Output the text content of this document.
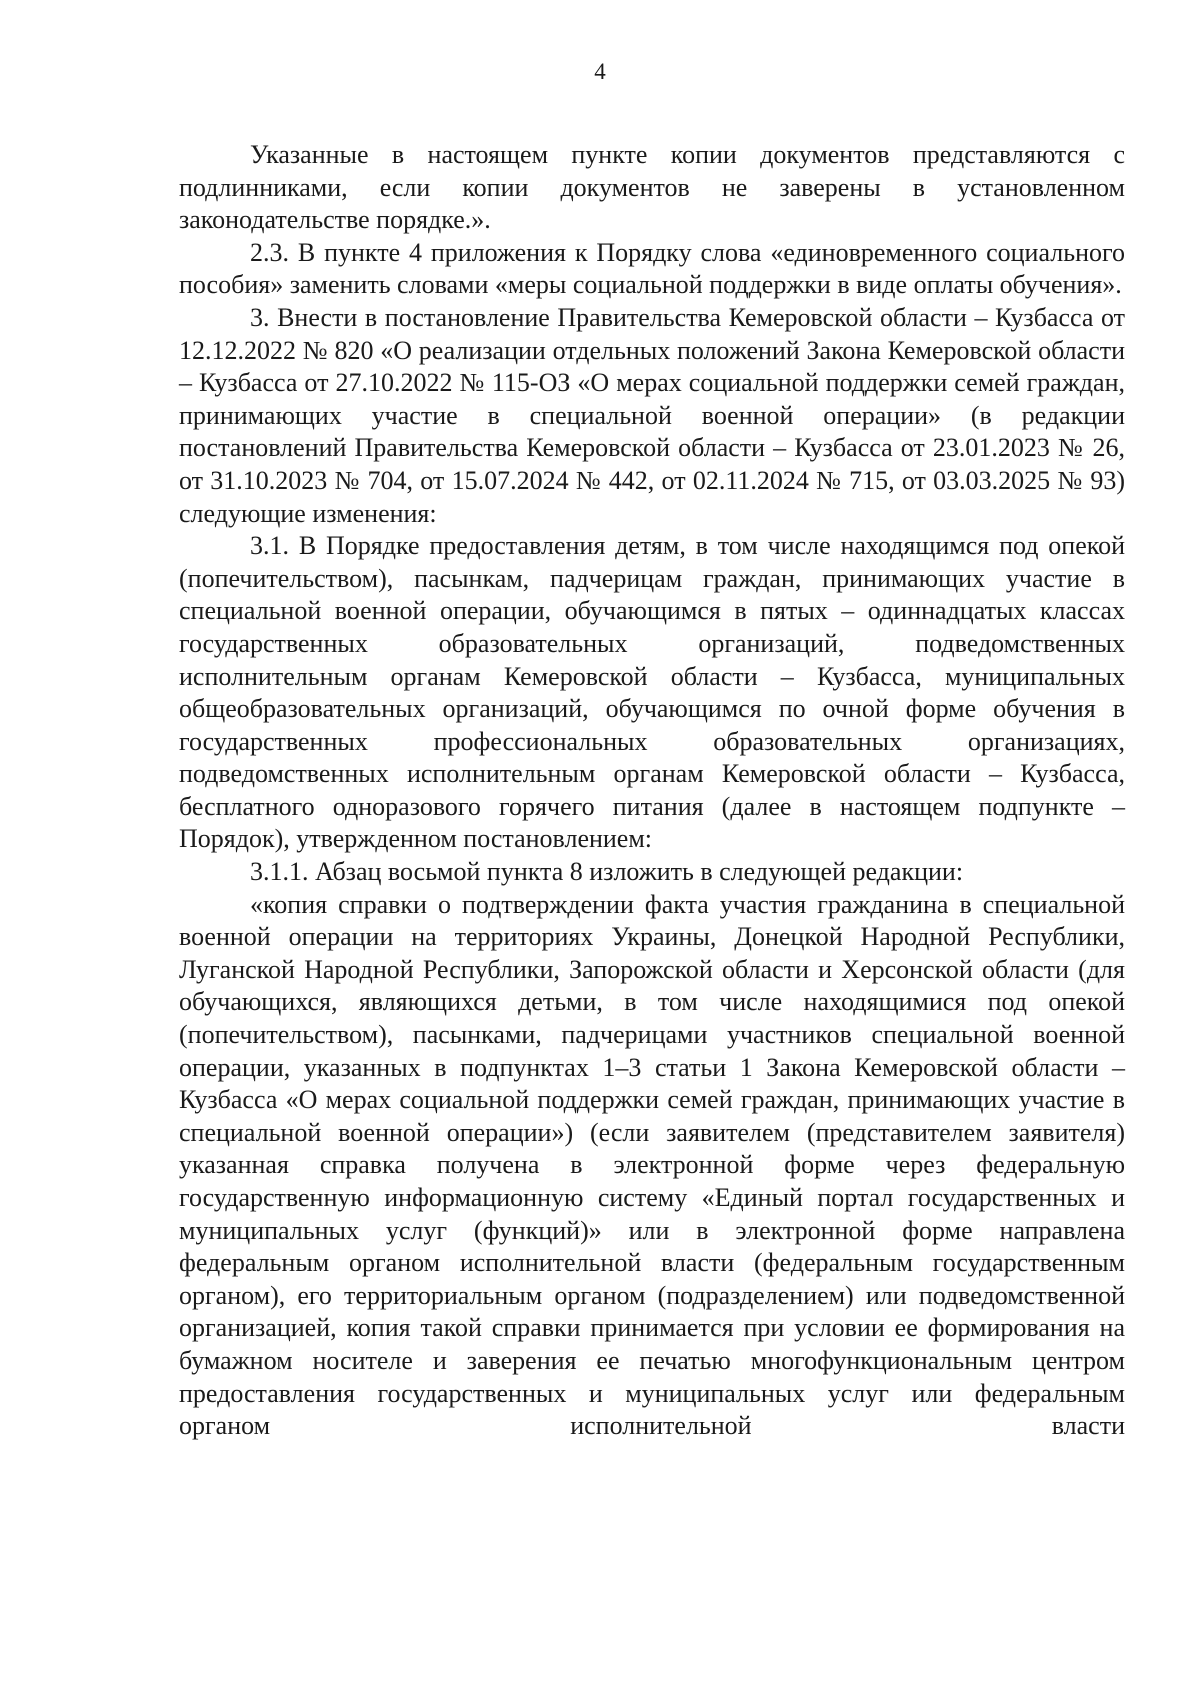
4

Указанные в настоящем пункте копии документов представляются с подлинниками, если копии документов не заверены в установленном законодательстве порядке.».

2.3. В пункте 4 приложения к Порядку слова «единовременного социального пособия» заменить словами «меры социальной поддержки в виде оплаты обучения».

3. Внести в постановление Правительства Кемеровской области – Кузбасса от 12.12.2022 № 820 «О реализации отдельных положений Закона Кемеровской области – Кузбасса от 27.10.2022 № 115-ОЗ «О мерах социальной поддержки семей граждан, принимающих участие в специальной военной операции» (в редакции постановлений Правительства Кемеровской области – Кузбасса от 23.01.2023 № 26, от 31.10.2023 № 704, от 15.07.2024 № 442, от 02.11.2024 № 715, от 03.03.2025 № 93) следующие изменения:

3.1. В Порядке предоставления детям, в том числе находящимся под опекой (попечительством), пасынкам, падчерицам граждан, принимающих участие в специальной военной операции, обучающимся в пятых – одиннадцатых классах государственных образовательных организаций, подведомственных исполнительным органам Кемеровской области – Кузбасса, муниципальных общеобразовательных организаций, обучающимся по очной форме обучения в государственных профессиональных образовательных организациях, подведомственных исполнительным органам Кемеровской области – Кузбасса, бесплатного одноразового горячего питания (далее в настоящем подпункте – Порядок), утвержденном постановлением:

3.1.1. Абзац восьмой пункта 8 изложить в следующей редакции:

«копия справки о подтверждении факта участия гражданина в специальной военной операции на территориях Украины, Донецкой Народной Республики, Луганской Народной Республики, Запорожской области и Херсонской области (для обучающихся, являющихся детьми, в том числе находящимися под опекой (попечительством), пасынками, падчерицами участников специальной военной операции, указанных в подпунктах 1–3 статьи 1 Закона Кемеровской области – Кузбасса «О мерах социальной поддержки семей граждан, принимающих участие в специальной военной операции») (если заявителем (представителем заявителя) указанная справка получена в электронной форме через федеральную государственную информационную систему «Единый портал государственных и муниципальных услуг (функций)» или в электронной форме направлена федеральным органом исполнительной власти (федеральным государственным органом), его территориальным органом (подразделением) или подведомственной организацией, копия такой справки принимается при условии ее формирования на бумажном носителе и заверения ее печатью многофункциональным центром предоставления государственных и муниципальных услуг или федеральным органом исполнительной власти
